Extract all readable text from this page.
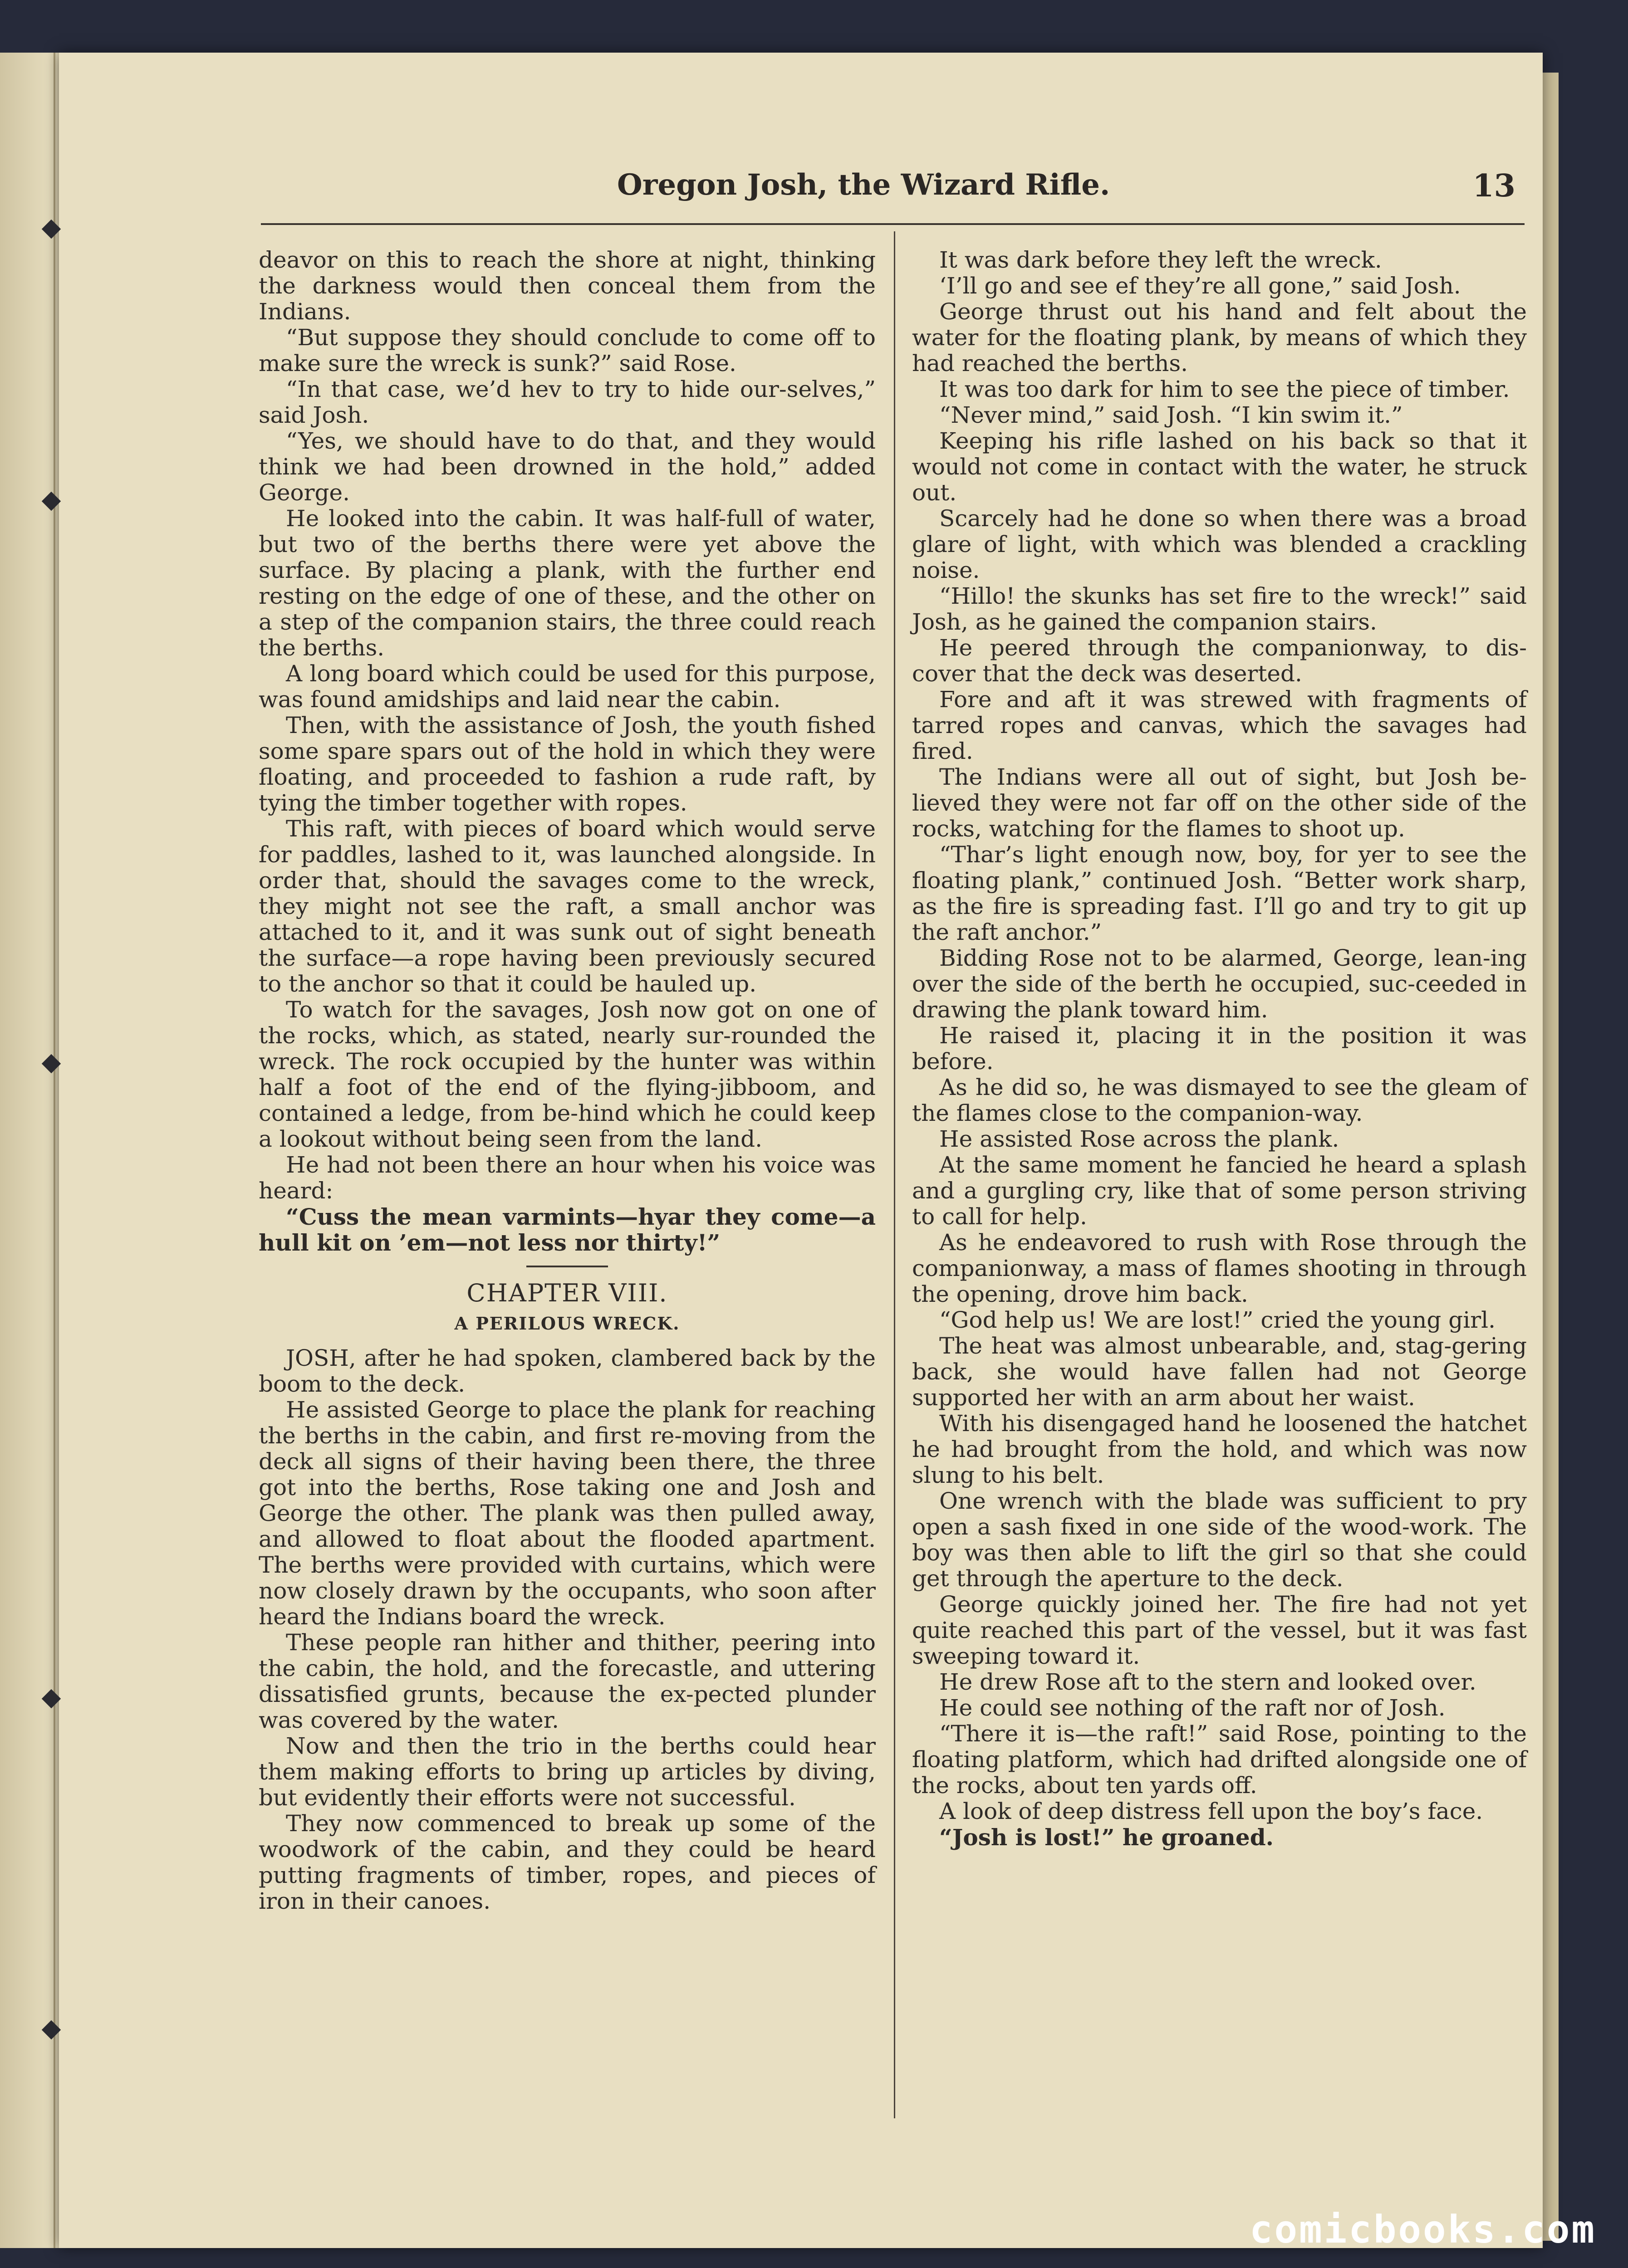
Oregon Josh, the Wizard Rifle.	13

deavor on this to reach the shore at night, thinking the darkness would then conceal them from the Indians.

“But suppose they should conclude to come off to make sure the wreck is sunk?” said Rose.

“In that case, we’d hev to try to hide our-selves,” said Josh.

“Yes, we should have to do that, and they would think we had been drowned in the hold,” added George.

He looked into the cabin. It was half-full of water, but two of the berths there were yet above the surface. By placing a plank, with the further end resting on the edge of one of these, and the other on a step of the companion stairs, the three could reach the berths.

A long board which could be used for this purpose, was found amidships and laid near the cabin.

Then, with the assistance of Josh, the youth fished some spare spars out of the hold in which they were floating, and proceeded to fashion a rude raft, by tying the timber together with ropes.

This raft, with pieces of board which would serve for paddles, lashed to it, was launched alongside. In order that, should the savages come to the wreck, they might not see the raft, a small anchor was attached to it, and it was sunk out of sight beneath the surface—a rope having been previously secured to the anchor so that it could be hauled up.

To watch for the savages, Josh now got on one of the rocks, which, as stated, nearly sur-rounded the wreck. The rock occupied by the hunter was within half a foot of the end of the flying-jibboom, and contained a ledge, from be-hind which he could keep a lookout without being seen from the land.

He had not been there an hour when his voice was heard:

“Cuss the mean varmints—hyar they come—a hull kit on ’em—not less nor thirty!”

CHAPTER VIII.
A PERILOUS WRECK.

JOSH, after he had spoken, clambered back by the boom to the deck.

He assisted George to place the plank for reaching the berths in the cabin, and first re-moving from the deck all signs of their having been there, the three got into the berths, Rose taking one and Josh and George the other. The plank was then pulled away, and allowed to float about the flooded apartment. The berths were provided with curtains, which were now closely drawn by the occupants, who soon after heard the Indians board the wreck.

These people ran hither and thither, peering into the cabin, the hold, and the forecastle, and uttering dissatisfied grunts, because the ex-pected plunder was covered by the water.

Now and then the trio in the berths could hear them making efforts to bring up articles by diving, but evidently their efforts were not successful.

They now commenced to break up some of the woodwork of the cabin, and they could be heard putting fragments of timber, ropes, and pieces of iron in their canoes.

It was dark before they left the wreck.

‘I’ll go and see ef they’re all gone,” said Josh.

George thrust out his hand and felt about the water for the floating plank, by means of which they had reached the berths.

It was too dark for him to see the piece of timber.

“Never mind,” said Josh. “I kin swim it.”

Keeping his rifle lashed on his back so that it would not come in contact with the water, he struck out.

Scarcely had he done so when there was a broad glare of light, with which was blended a crackling noise.

“Hillo! the skunks has set fire to the wreck!” said Josh, as he gained the companion stairs.

He peered through the companionway, to dis-cover that the deck was deserted.

Fore and aft it was strewed with fragments of tarred ropes and canvas, which the savages had fired.

The Indians were all out of sight, but Josh be-lieved they were not far off on the other side of the rocks, watching for the flames to shoot up.

“Thar’s light enough now, boy, for yer to see the floating plank,” continued Josh. “Better work sharp, as the fire is spreading fast. I’ll go and try to git up the raft anchor.”

Bidding Rose not to be alarmed, George, lean-ing over the side of the berth he occupied, suc-ceeded in drawing the plank toward him.

He raised it, placing it in the position it was before.

As he did so, he was dismayed to see the gleam of the flames close to the companion-way.

He assisted Rose across the plank.

At the same moment he fancied he heard a splash and a gurgling cry, like that of some person striving to call for help.

As he endeavored to rush with Rose through the companionway, a mass of flames shooting in through the opening, drove him back.

“God help us! We are lost!” cried the young girl.

The heat was almost unbearable, and, stag-gering back, she would have fallen had not George supported her with an arm about her waist.

With his disengaged hand he loosened the hatchet he had brought from the hold, and which was now slung to his belt.

One wrench with the blade was sufficient to pry open a sash fixed in one side of the wood-work. The boy was then able to lift the girl so that she could get through the aperture to the deck.

George quickly joined her. The fire had not yet quite reached this part of the vessel, but it was fast sweeping toward it.

He drew Rose aft to the stern and looked over.

He could see nothing of the raft nor of Josh.

“There it is—the raft!” said Rose, pointing to the floating platform, which had drifted alongside one of the rocks, about ten yards off.

A look of deep distress fell upon the boy’s face.

“Josh is lost!” he groaned.

comicbooks.com
